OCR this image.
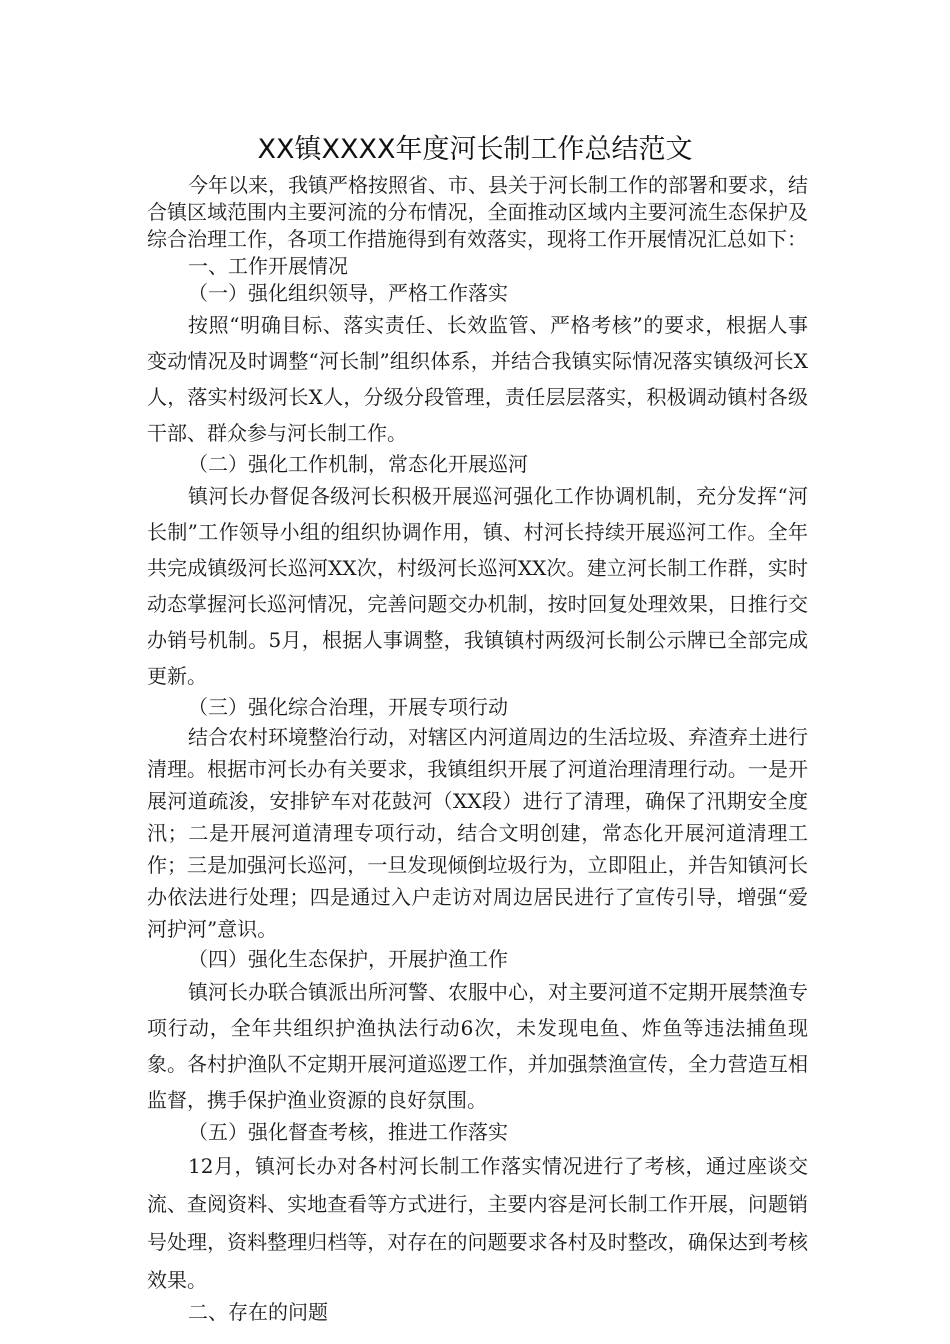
XX镇XXXX年度河长制工作总结范文

今年以来，我镇严格按照省、市、县关于河长制工作的部署和要求，结合镇区域范围内主要河流的分布情况，全面推动区域内主要河流生态保护及综合治理工作，各项工作措施得到有效落实，现将工作开展情况汇总如下：

一、工作开展情况

（一）强化组织领导，严格工作落实

按照“明确目标、落实责任、长效监管、严格考核”的要求，根据人事变动情况及时调整“河长制”组织体系，并结合我镇实际情况落实镇级河长X人，落实村级河长X人，分级分段管理，责任层层落实，积极调动镇村各级干部、群众参与河长制工作。

（二）强化工作机制，常态化开展巡河

镇河长办督促各级河长积极开展巡河强化工作协调机制，充分发挥“河长制”工作领导小组的组织协调作用，镇、村河长持续开展巡河工作。全年共完成镇级河长巡河XX次，村级河长巡河XX次。建立河长制工作群，实时动态掌握河长巡河情况，完善问题交办机制，按时回复处理效果，日推行交办销号机制。5月，根据人事调整，我镇镇村两级河长制公示牌已全部完成更新。

（三）强化综合治理，开展专项行动

结合农村环境整治行动，对辖区内河道周边的生活垃圾、弃渣弃土进行清理。根据市河长办有关要求，我镇组织开展了河道治理清理行动。一是开展河道疏浚，安排铲车对花鼓河（XX段）进行了清理，确保了汛期安全度汛；二是开展河道清理专项行动，结合文明创建，常态化开展河道清理工作；三是加强河长巡河，一旦发现倾倒垃圾行为，立即阻止，并告知镇河长办依法进行处理；四是通过入户走访对周边居民进行了宣传引导，增强“爱河护河”意识。

（四）强化生态保护，开展护渔工作

镇河长办联合镇派出所河警、农服中心，对主要河道不定期开展禁渔专项行动，全年共组织护渔执法行动6次，未发现电鱼、炸鱼等违法捕鱼现象。各村护渔队不定期开展河道巡逻工作，并加强禁渔宣传，全力营造互相监督，携手保护渔业资源的良好氛围。

（五）强化督查考核，推进工作落实

12月，镇河长办对各村河长制工作落实情况进行了考核，通过座谈交流、查阅资料、实地查看等方式进行，主要内容是河长制工作开展，问题销号处理，资料整理归档等，对存在的问题要求各村及时整改，确保达到考核效果。

二、存在的问题
